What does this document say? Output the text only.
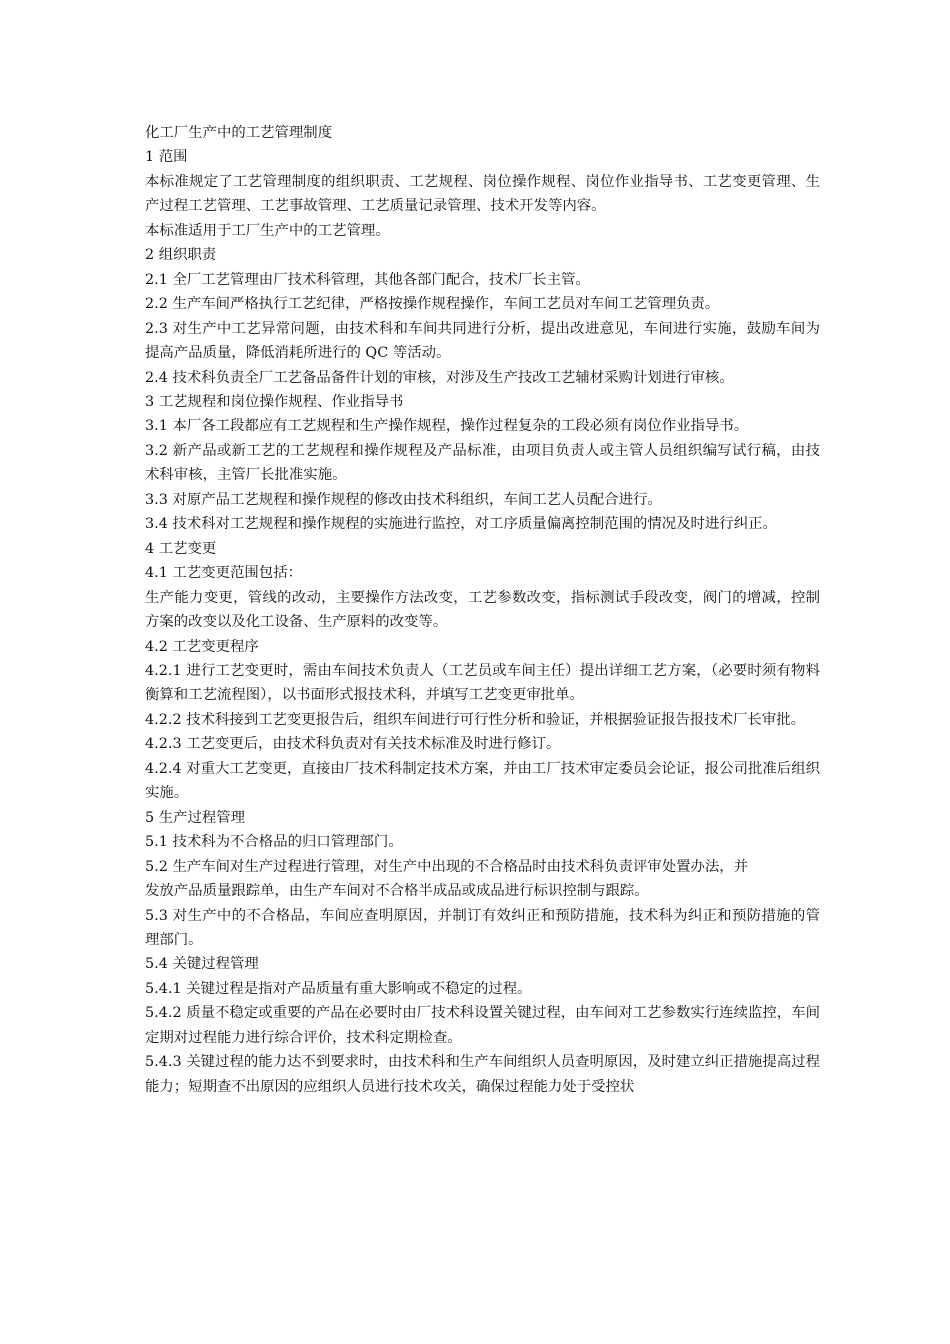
化工厂生产中的工艺管理制度

1 范围

本标准规定了工艺管理制度的组织职责、工艺规程、岗位操作规程、岗位作业指导书、工艺变更管理、生产过程工艺管理、工艺事故管理、工艺质量记录管理、技术开发等内容。

本标准适用于工厂生产中的工艺管理。

2 组织职责

2.1 全厂工艺管理由厂技术科管理，其他各部门配合，技术厂长主管。

2.2 生产车间严格执行工艺纪律，严格按操作规程操作，车间工艺员对车间工艺管理负责。

2.3 对生产中工艺异常问题，由技术科和车间共同进行分析，提出改进意见，车间进行实施，鼓励车间为提高产品质量，降低消耗所进行的 QC 等活动。

2.4 技术科负责全厂工艺备品备件计划的审核，对涉及生产技改工艺辅材采购计划进行审核。

3 工艺规程和岗位操作规程、作业指导书

3.1 本厂各工段都应有工艺规程和生产操作规程，操作过程复杂的工段必须有岗位作业指导书。

3.2 新产品或新工艺的工艺规程和操作规程及产品标准，由项目负责人或主管人员组织编写试行稿，由技术科审核，主管厂长批准实施。

3.3 对原产品工艺规程和操作规程的修改由技术科组织，车间工艺人员配合进行。

3.4 技术科对工艺规程和操作规程的实施进行监控，对工序质量偏离控制范围的情况及时进行纠正。

4 工艺变更

4.1 工艺变更范围包括：

生产能力变更，管线的改动，主要操作方法改变，工艺参数改变，指标测试手段改变，阀门的增减，控制方案的改变以及化工设备、生产原料的改变等。

4.2 工艺变更程序

4.2.1 进行工艺变更时，需由车间技术负责人（工艺员或车间主任）提出详细工艺方案，（必要时须有物料衡算和工艺流程图），以书面形式报技术科，并填写工艺变更审批单。

4.2.2 技术科接到工艺变更报告后，组织车间进行可行性分析和验证，并根据验证报告报技术厂长审批。

4.2.3 工艺变更后，由技术科负责对有关技术标准及时进行修订。

4.2.4 对重大工艺变更，直接由厂技术科制定技术方案，并由工厂技术审定委员会论证，报公司批准后组织实施。

5 生产过程管理

5.1 技术科为不合格品的归口管理部门。

5.2 生产车间对生产过程进行管理，对生产中出现的不合格品时由技术科负责评审处置办法，并

发放产品质量跟踪单，由生产车间对不合格半成品或成品进行标识控制与跟踪。

5.3 对生产中的不合格品，车间应查明原因，并制订有效纠正和预防措施，技术科为纠正和预防措施的管理部门。

5.4 关键过程管理

5.4.1 关键过程是指对产品质量有重大影响或不稳定的过程。

5.4.2 质量不稳定或重要的产品在必要时由厂技术科设置关键过程，由车间对工艺参数实行连续监控，车间定期对过程能力进行综合评价，技术科定期检查。

5.4.3 关键过程的能力达不到要求时，由技术科和生产车间组织人员查明原因，及时建立纠正措施提高过程能力；短期查不出原因的应组织人员进行技术攻关，确保过程能力处于受控状
